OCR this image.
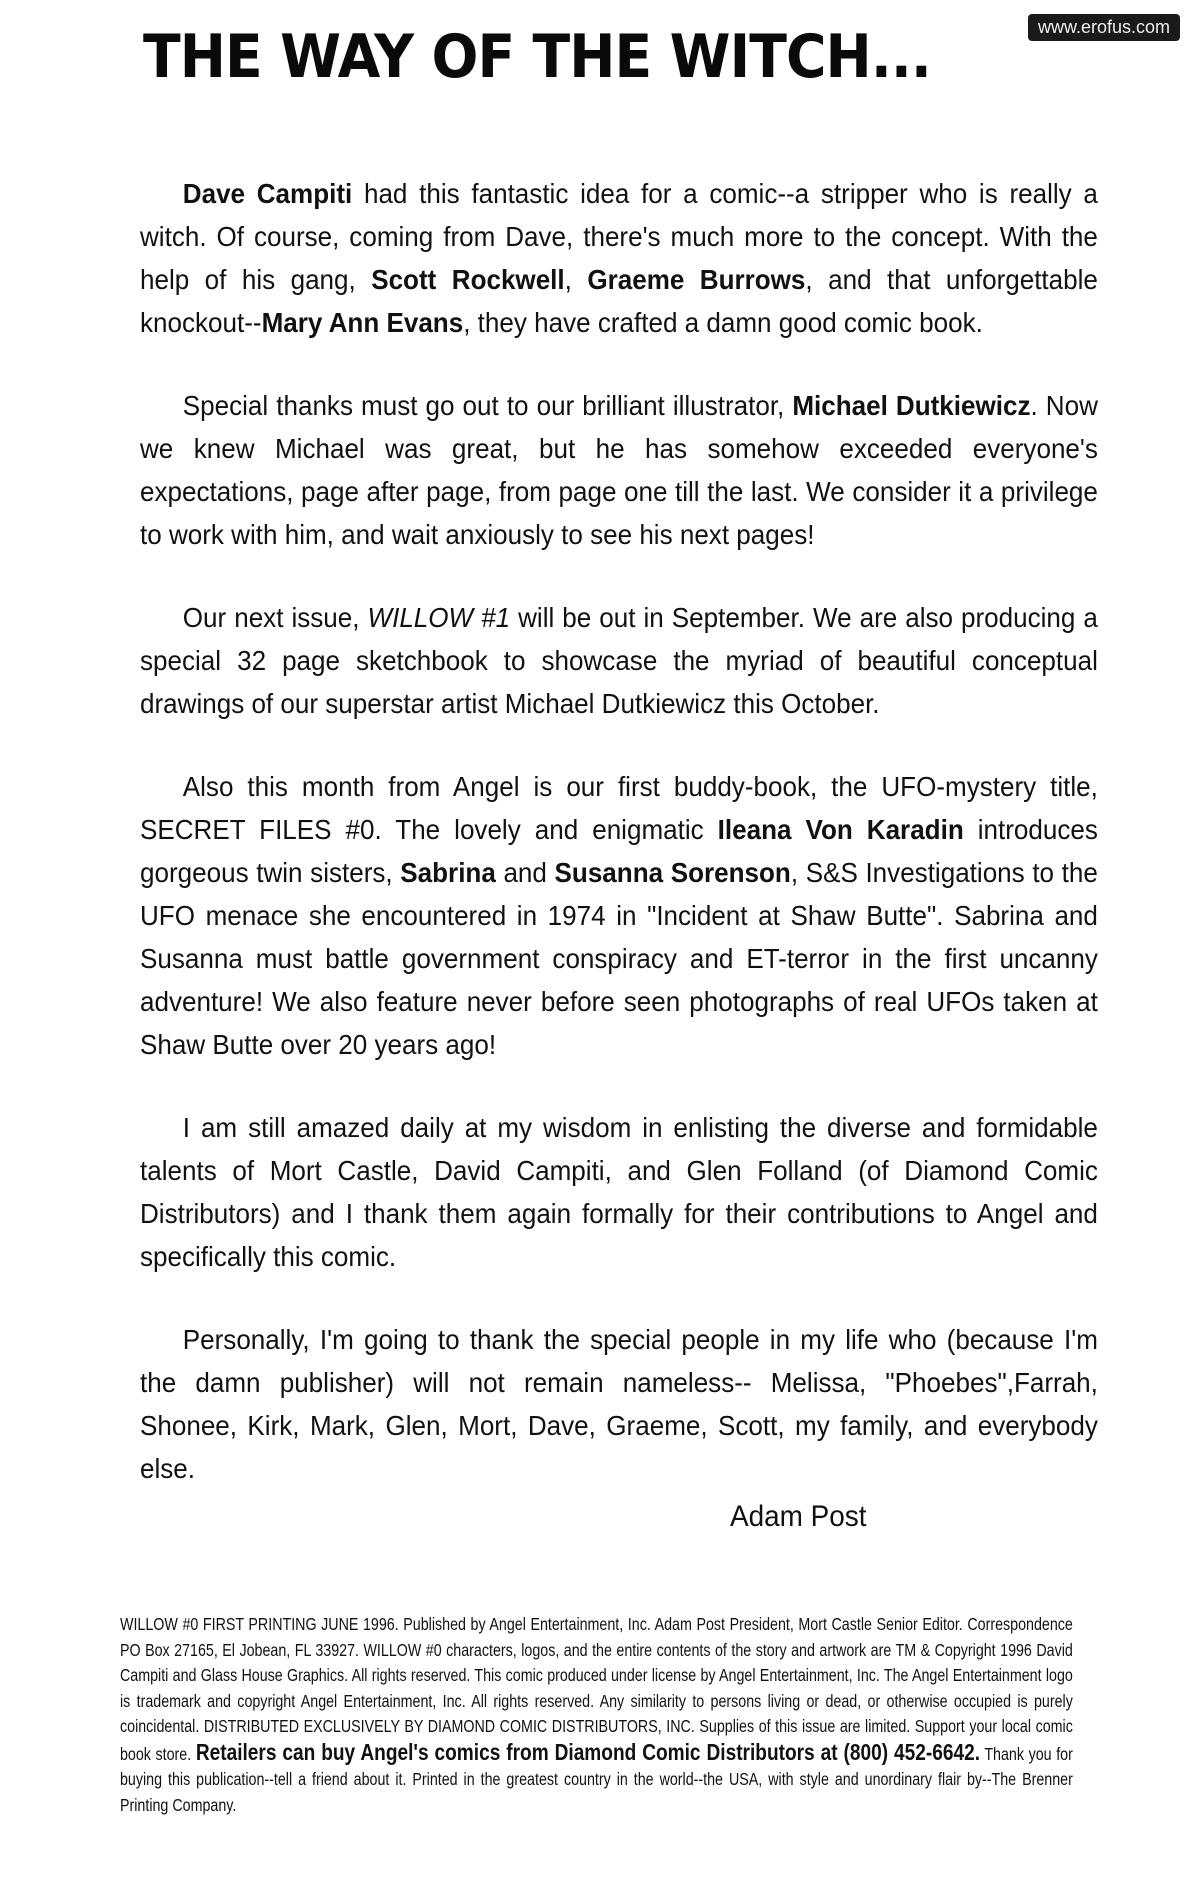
THE WAY OF THE WITCH...	www.erofus.com

Dave Campiti had this fantastic idea for a comic--a stripper who is really a witch. Of course, coming from Dave, there's much more to the concept. With the help of his gang, Scott Rockwell, Graeme Burrows, and that unforgettable knockout--Mary Ann Evans, they have crafted a damn good comic book.

Special thanks must go out to our brilliant illustrator, Michael Dutkiewicz. Now we knew Michael was great, but he has somehow exceeded everyone's expectations, page after page, from page one till the last. We consider it a privilege to work with him, and wait anxiously to see his next pages!

Our next issue, WILLOW #1 will be out in September. We are also producing a special 32 page sketchbook to showcase the myriad of beautiful conceptual drawings of our superstar artist Michael Dutkiewicz this October.

Also this month from Angel is our first buddy-book, the UFO-mystery title, SECRET FILES #0. The lovely and enigmatic Ileana Von Karadin introduces gorgeous twin sisters, Sabrina and Susanna Sorenson, S&S Investigations to the UFO menace she encountered in 1974 in "Incident at Shaw Butte". Sabrina and Susanna must battle government conspiracy and ET-terror in the first uncanny adventure! We also feature never before seen photographs of real UFOs taken at Shaw Butte over 20 years ago!

I am still amazed daily at my wisdom in enlisting the diverse and formidable talents of Mort Castle, David Campiti, and Glen Folland (of Diamond Comic Distributors) and I thank them again formally for their contributions to Angel and specifically this comic.

Personally, I'm going to thank the special people in my life who (because I'm the damn publisher) will not remain nameless-- Melissa, "Phoebes",Farrah, Shonee, Kirk, Mark, Glen, Mort, Dave, Graeme, Scott, my family, and everybody else.

Adam Post
WILLOW #0 FIRST PRINTING JUNE 1996. Published by Angel Entertainment, Inc. Adam Post President, Mort Castle Senior Editor. Correspondence PO Box 27165, El Jobean, FL 33927. WILLOW #0 characters, logos, and the entire contents of the story and artwork are TM & Copyright 1996 David Campiti and Glass House Graphics. All rights reserved. This comic produced under license by Angel Entertainment, Inc. The Angel Entertainment logo is trademark and copyright Angel Entertainment, Inc. All rights reserved. Any similarity to persons living or dead, or otherwise occupied is purely coincidental. DISTRIBUTED EXCLUSIVELY BY DIAMOND COMIC DISTRIBUTORS, INC. Supplies of this issue are limited. Support your local comic book store. Retailers can buy Angel's comics from Diamond Comic Distributors at (800) 452-6642. Thank you for buying this publication--tell a friend about it. Printed in the greatest country in the world--the USA, with style and unordinary flair by--The Brenner Printing Company.
